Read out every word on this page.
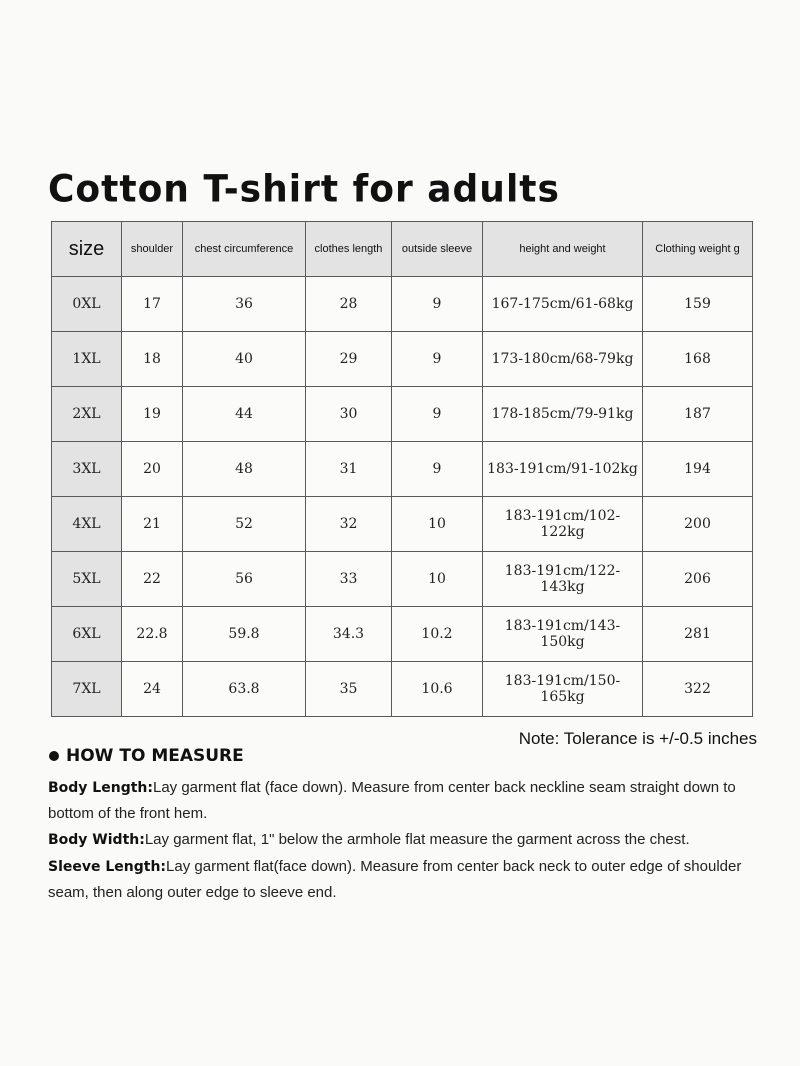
Cotton T-shirt for adults
size	shoulder	chest circumference	clothes length	outside sleeve	height and weight	Clothing weight g
0XL	17	36	28	9	167-175cm/61-68kg	159
1XL	18	40	29	9	173-180cm/68-79kg	168
2XL	19	44	30	9	178-185cm/79-91kg	187
3XL	20	48	31	9	183-191cm/91-102kg	194
4XL	21	52	32	10	183-191cm/102-122kg	200
5XL	22	56	33	10	183-191cm/122-143kg	206
6XL	22.8	59.8	34.3	10.2	183-191cm/143-150kg	281
7XL	24	63.8	35	10.6	183-191cm/150-165kg	322
Note: Tolerance is +/-0.5 inches
HOW TO MEASURE

Body Length:Lay garment flat (face down). Measure from center back neckline seam straight down to bottom of the front hem.

Body Width:Lay garment flat, 1" below the armhole flat measure the garment across the chest.

Sleeve Length:Lay garment flat(face down). Measure from center back neck to outer edge of shoulder seam, then along outer edge to sleeve end.
